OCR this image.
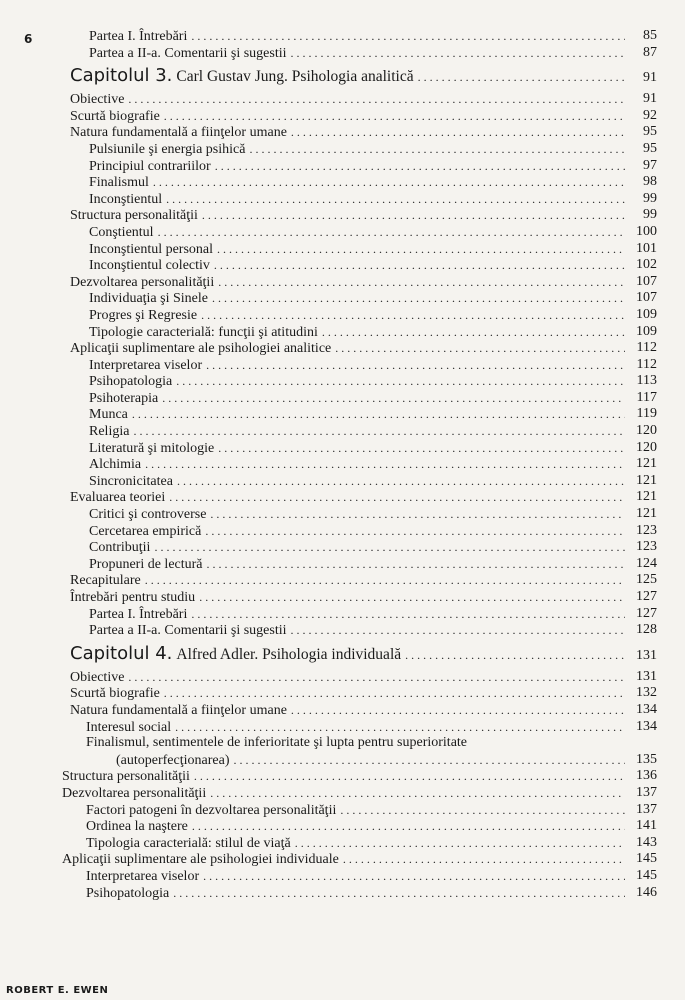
6	Partea I. Întrebări . . .	85
Partea a II-a. Comentarii şi sugestii . . .	87
Capitolul 3. Carl Gustav Jung. Psihologia analitică . . .	91
Obiective . . .	91
Scurtă biografie . . .	92
Natura fundamentală a fiinţelor umane . . .	95
Pulsiunile şi energia psihică . . .	95
Principiul contrariilor . . .	97
Finalismul . . .	98
Inconştientul . . .	99
Structura personalităţii . . .	99
Conştientul . . .	100
Inconştientul personal . . .	101
Inconştientul colectiv . . .	102
Dezvoltarea personalităţii . . .	107
Individuaţia şi Sinele . . .	107
Progres şi Regresie . . .	109
Tipologie caracterială: funcţii şi atitudini . . .	109
Aplicaţii suplimentare ale psihologiei analitice . . .	112
Interpretarea viselor . . .	112
Psihopatologia . . .	113
Psihoterapia . . .	117
Munca . . .	119
Religia . . .	120
Literatură şi mitologie . . .	120
Alchimia . . .	121
Sincronicitatea . . .	121
Evaluarea teoriei . . .	121
Critici şi controverse . . .	121
Cercetarea empirică . . .	123
Contribuţii . . .	123
Propuneri de lectură . . .	124
Recapitulare . . .	125
Întrebări pentru studiu . . .	127
Partea I. Întrebări . . .	127
Partea a II-a. Comentarii şi sugestii . . .	128
Capitolul 4. Alfred Adler. Psihologia individuală . . .	131
Obiective . . .	131
Scurtă biografie . . .	132
Natura fundamentală a fiinţelor umane . . .	134
Interesul social . . .	134
Finalismul, sentimentele de inferioritate şi lupta pentru superioritate
(autoperfecţionarea) . . .	135
Structura personalităţii . . .	136
Dezvoltarea personalităţii . . .	137
Factori patogeni în dezvoltarea personalităţii . . .	137
Ordinea la naştere . . .	141
Tipologia caracterială: stilul de viaţă . . .	143
Aplicaţii suplimentare ale psihologiei individuale . . .	145
Interpretarea viselor . . .	145
Psihopatologia . . .	146
ROBERT E. EWEN
